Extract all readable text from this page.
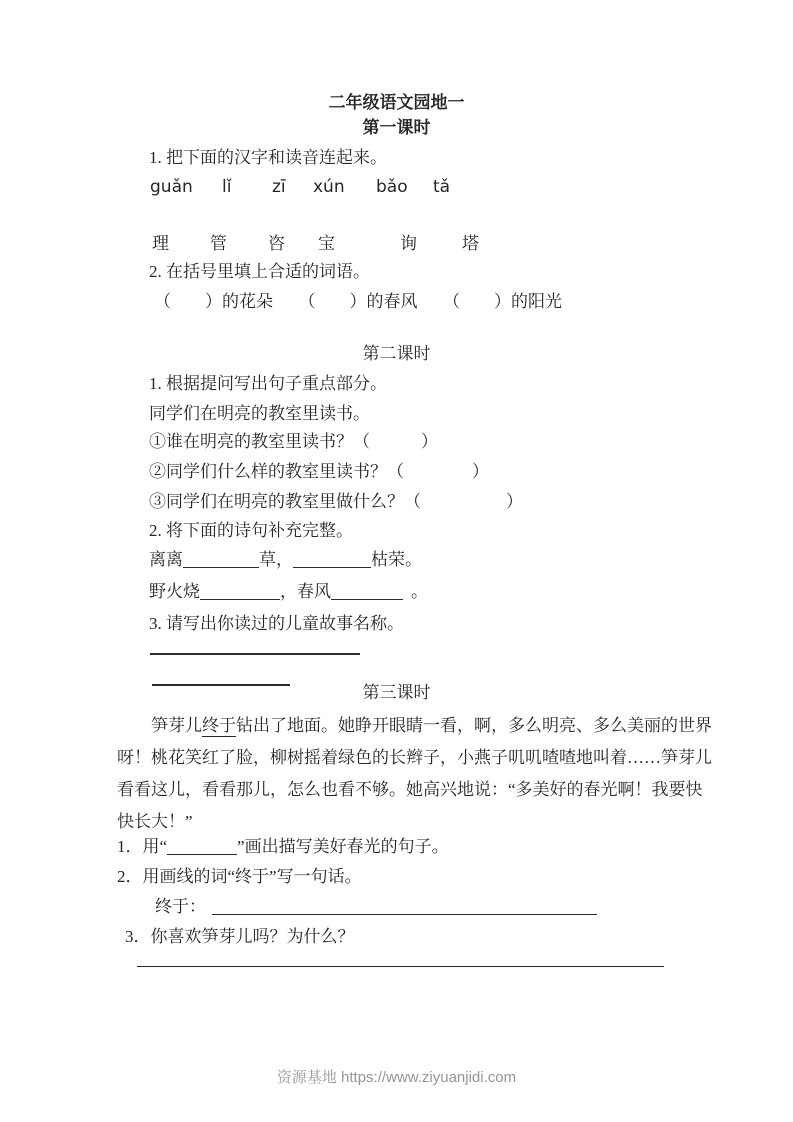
二年级语文园地一
第一课时
1. 把下面的汉字和读音连起来。
guǎn lǐ zī xún bǎo tǎ
理 管 咨 宝	询	塔
2. 在括号里填上合适的词语。
（　　）的花朵　　（　　）的春风　　（　　）的阳光
第二课时
1. 根据提问写出句子重点部分。
同学们在明亮的教室里读书。
①谁在明亮的教室里读书？（　　　）
②同学们什么样的教室里读书？（　　　　）
③同学们在明亮的教室里做什么？（　　　　　）
2. 将下面的诗句补充完整。
离离	草，	枯荣。
野火烧	，春风	。
3. 请写出你读过的儿童故事名称。
第三课时
笋芽儿终于钻出了地面。她睁开眼睛一看，啊，多么明亮、多么美丽的世界
呀！桃花笑红了脸，柳树摇着绿色的长辫子，小燕子叽叽喳喳地叫着……笋芽儿
看看这儿，看看那儿，怎么也看不够。她高兴地说：“多美好的春光啊！我要快
快长大！”
1．用“	”画出描写美好春光的句子。
2．用画线的词“终于”写一句话。
终于：
3．你喜欢笋芽儿吗？为什么？
资源基地 https://www.ziyuanjidi.com
